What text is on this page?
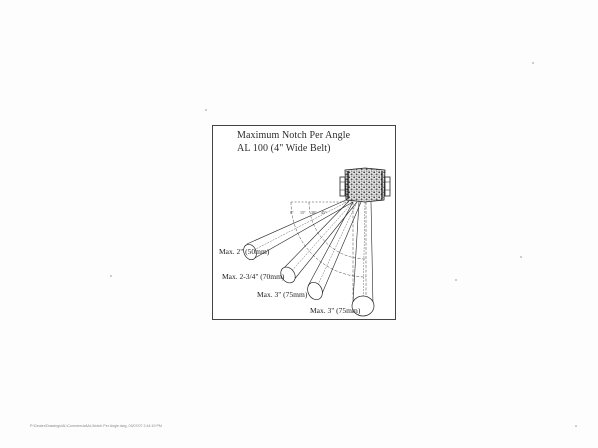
Maximum Notch Per Angle
AL 100 (4" Wide Belt)
0° 15° 30° 45°
Max. 2" (50mm)
Max. 2-3/4" (70mm)
Max. 3" (75mm)
Max. 3" (75mm)
P:\Dealer\Drawings\AL\Commercial\AL\Notch Per Angle.dwg, 03/07/07 2:44:19 PM
